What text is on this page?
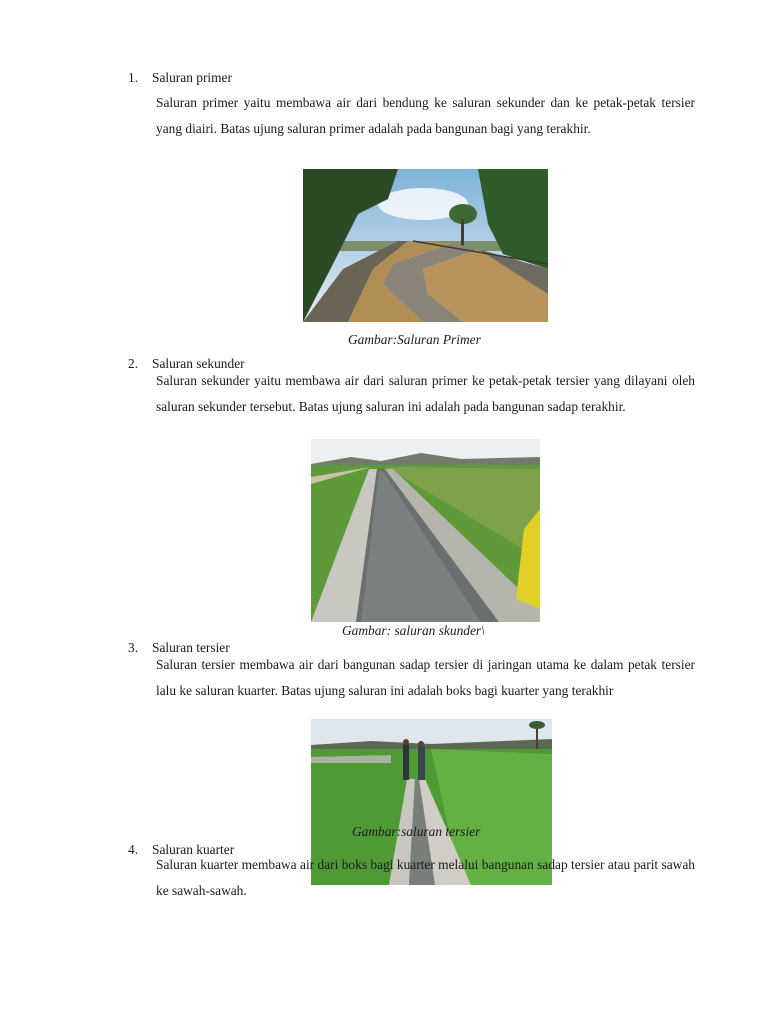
1. Saluran primer

Saluran primer yaitu membawa air dari bendung ke saluran sekunder dan ke petak-petak tersier yang diairi. Batas ujung saluran primer adalah pada bangunan bagi yang terakhir.

Gambar:Saluran Primer
2. Saluran sekunder

Saluran sekunder yaitu membawa air dari saluran primer ke petak-petak tersier yang dilayani oleh saluran sekunder tersebut. Batas ujung saluran ini adalah pada bangunan sadap terakhir.

Gambar: saluran skunder\
3. Saluran tersier

Saluran tersier membawa air dari bangunan sadap tersier di jaringan utama ke dalam petak tersier lalu ke saluran kuarter. Batas ujung saluran ini adalah boks bagi kuarter yang terakhir

Gambar:saluran tersier
4. Saluran kuarter

Saluran kuarter membawa air dari boks bagi kuarter melalui bangunan sadap tersier atau parit sawah ke sawah-sawah.
